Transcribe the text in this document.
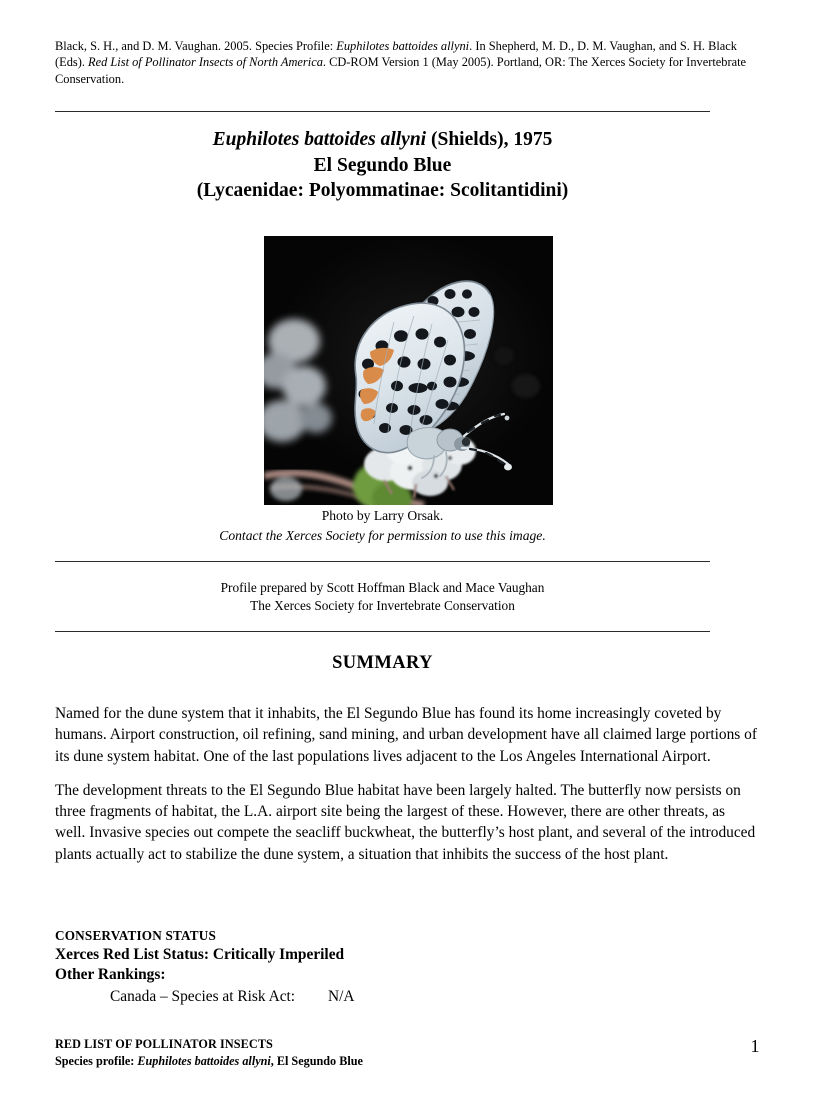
Black, S. H., and D. M. Vaughan. 2005. Species Profile: Euphilotes battoides allyni. In Shepherd, M. D., D. M. Vaughan, and S. H. Black (Eds). Red List of Pollinator Insects of North America. CD-ROM Version 1 (May 2005). Portland, OR: The Xerces Society for Invertebrate Conservation.
Euphilotes battoides allyni (Shields), 1975
El Segundo Blue
(Lycaenidae: Polyommatinae: Scolitantidini)
Photo by Larry Orsak.
Contact the Xerces Society for permission to use this image.
Profile prepared by Scott Hoffman Black and Mace Vaughan
The Xerces Society for Invertebrate Conservation
SUMMARY

Named for the dune system that it inhabits, the El Segundo Blue has found its home increasingly coveted by humans. Airport construction, oil refining, sand mining, and urban development have all claimed large portions of its dune system habitat. One of the last populations lives adjacent to the Los Angeles International Airport.

The development threats to the El Segundo Blue habitat have been largely halted. The butterfly now persists on three fragments of habitat, the L.A. airport site being the largest of these. However, there are other threats, as well. Invasive species out compete the seacliff buckwheat, the butterfly’s host plant, and several of the introduced plants actually act to stabilize the dune system, a situation that inhibits the success of the host plant.

CONSERVATION STATUS
Xerces Red List Status: Critically Imperiled
Other Rankings:
Canada – Species at Risk Act: N/A
RED LIST OF POLLINATOR INSECTS
Species profile: Euphilotes battoides allyni, El Segundo Blue
1
